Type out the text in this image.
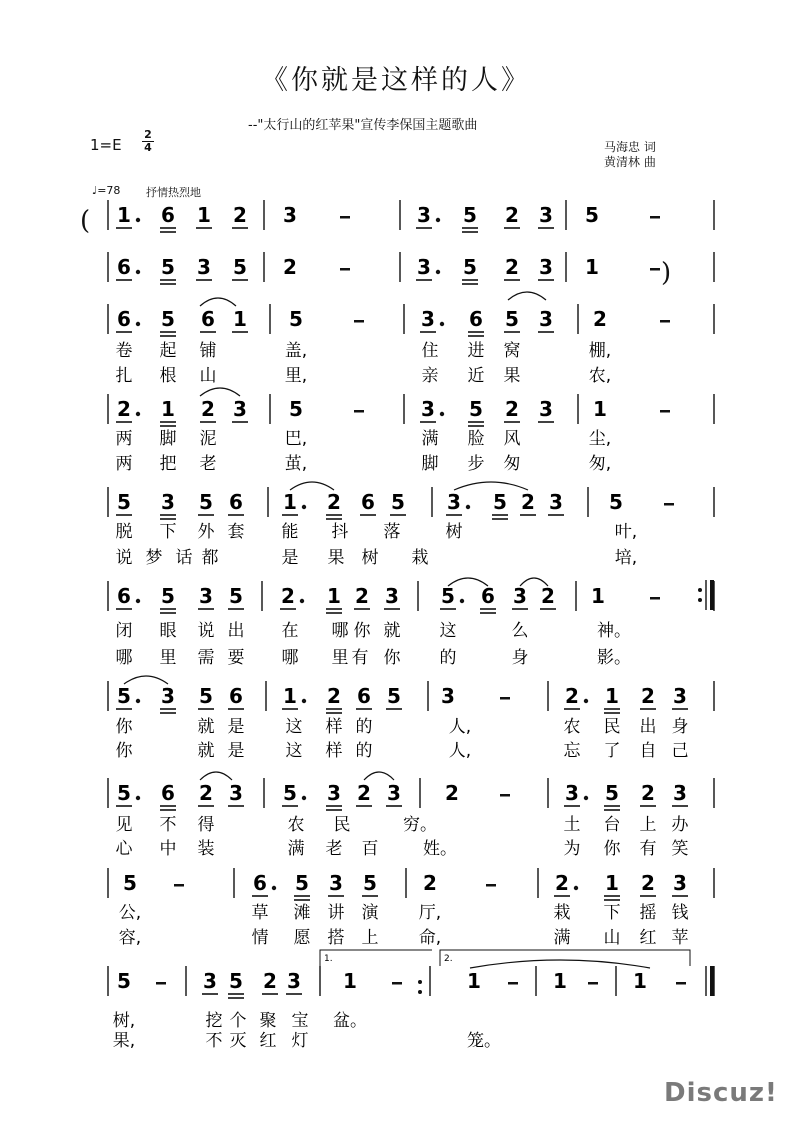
《你就是这样的人》
--"太行山的红苹果"宣传李保国主题歌曲
1=E
2
4	马海忠 词
黄清林 曲
♩=78 抒情热烈地
(
)
Discuz!
1 6 1 2 3	3 5 2 3 5
6 5 3 5 2	3 5 2 3 1
6 5 6 1 5	3 6 5 3 2
卷 起 铺	盖,	住 进 窝	棚,
扎 根 山	里,	亲 近 果	农,
2 1 2 3 5	3 5 2 3 1
两 脚 泥	巴,	满 脸 风	尘,
两 把 老	茧,	脚 步 匆	匆,
5 3 5 6 1 2 6 5 3 5 2 3 5
脱 下 外 套 能 抖 落	树	叶,
说 梦 话 都	是 果 树 栽	培,
6 5 3 5 2 1 2 3 5 6 3 2 1
闭 眼 说 出 在 哪 你 就 这	么	神。
哪 里 需 要 哪 里 有 你 的	身	影。
5 3 5 6 1 2 6 5 3	2 1 2 3
你	就 是 这 样 的	人,	农 民 出 身
你	就 是 这 样 的	人,	忘 了 自 己
5 6 2 3 5 3 2 3 2	3 5 2 3
见 不 得	农 民	穷。	土 台 上 办
心 中 装	满 老 百	姓。	为 你 有 笑
5	6 5 3 5 2	2 1 2 3
公,	草 滩 讲 演 厅,	栽 下 摇 钱
容,	情 愿 搭 上 命,	满 山 红 苹
5	3 5 2 3 1	1	1	1
树,	挖 个 聚 宝 盆。
果,	不 灭 红 灯	笼。
1.	2.
